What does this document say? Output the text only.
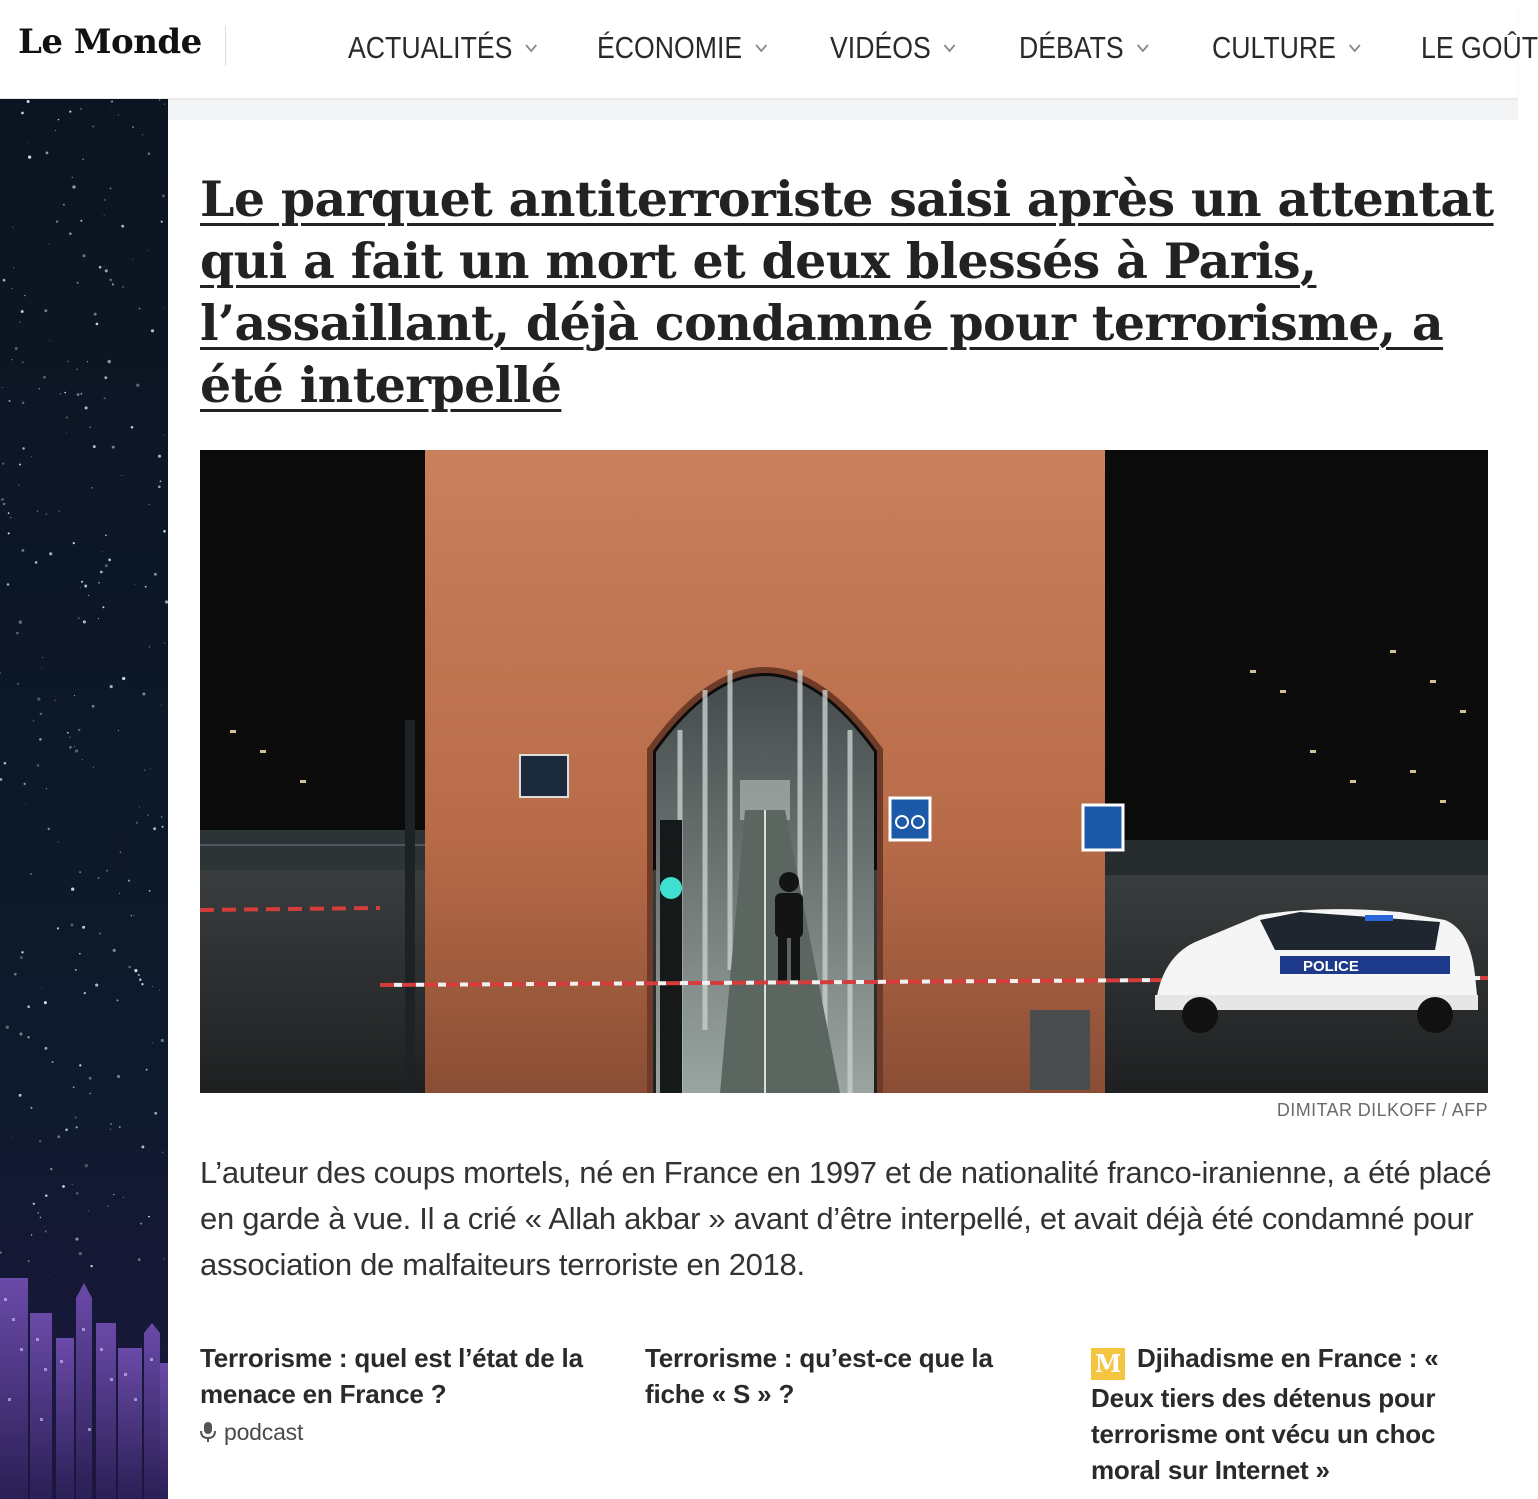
Le Monde	ACTUALITÉS	ÉCONOMIE	VIDÉOS	DÉBATS	CULTURE	LE GOÛT
Le parquet antiterroriste saisi après un attentat qui a fait un mort et deux blessés à Paris, l’assaillant, déjà condamné pour terrorisme, a été interpellé
POLICE
DIMITAR DILKOFF / AFP

L’auteur des coups mortels, né en France en 1997 et de nationalité franco-iranienne, a été placé en garde à vue. Il a crié « Allah akbar » avant d’être interpellé, et avait déjà été condamné pour association de malfaiteurs terroriste en 2018.

Terrorisme : quel est l’état de la menace en France ?
podcast
Terrorisme : qu’est-ce que la fiche « S » ?
M Djihadisme en France : « Deux tiers des détenus pour terrorisme ont vécu un choc moral sur Internet »
